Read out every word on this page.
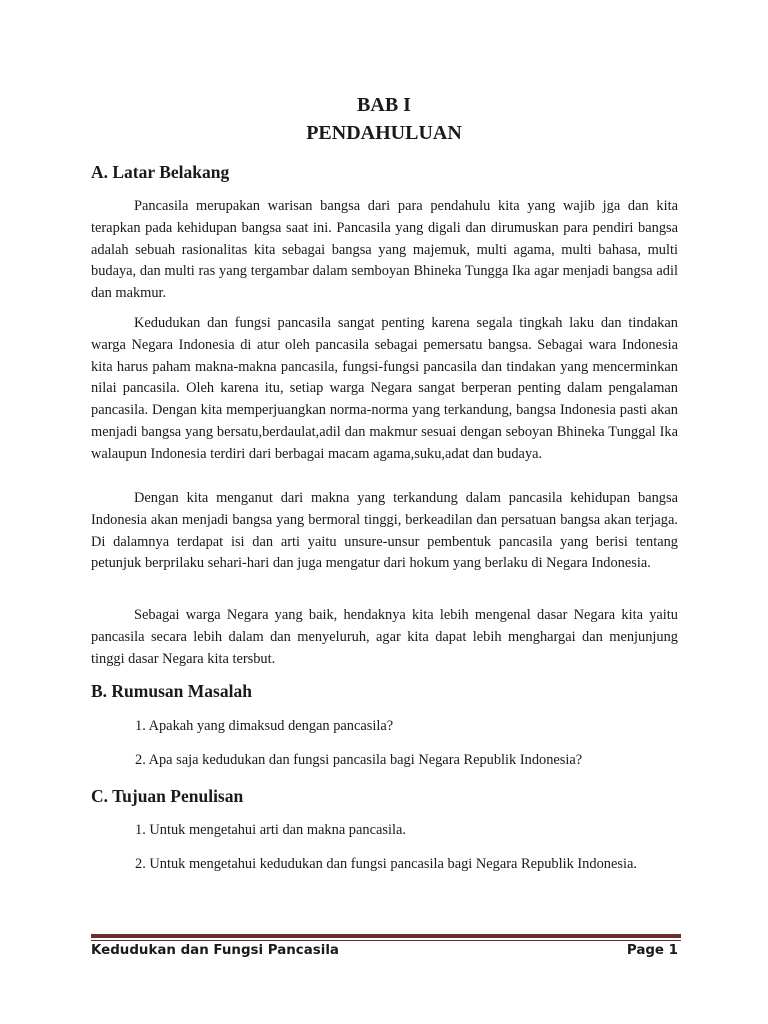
BAB I
PENDAHULUAN
A. Latar Belakang

Pancasila merupakan warisan bangsa dari para pendahulu kita yang wajib jga dan kita terapkan pada kehidupan bangsa saat ini. Pancasila yang digali dan dirumuskan para pendiri bangsa adalah sebuah rasionalitas kita sebagai bangsa yang majemuk, multi agama, multi bahasa, multi budaya, dan multi ras yang tergambar dalam semboyan Bhineka Tungga Ika agar menjadi bangsa adil dan makmur.

Kedudukan dan fungsi pancasila sangat penting karena segala tingkah laku dan tindakan warga Negara Indonesia di atur oleh pancasila sebagai pemersatu bangsa. Sebagai wara Indonesia kita harus paham makna-makna pancasila, fungsi-fungsi pancasila dan tindakan yang mencerminkan nilai pancasila. Oleh karena itu, setiap warga Negara sangat berperan penting dalam pengalaman pancasila. Dengan kita memperjuangkan norma-norma yang terkandung, bangsa Indonesia pasti akan menjadi bangsa yang bersatu,berdaulat,adil dan makmur sesuai dengan seboyan Bhineka Tunggal Ika walaupun Indonesia terdiri dari berbagai macam agama,suku,adat dan budaya.

Dengan kita menganut dari makna yang terkandung dalam pancasila kehidupan bangsa Indonesia akan menjadi bangsa yang bermoral tinggi, berkeadilan dan persatuan bangsa akan terjaga. Di dalamnya terdapat isi dan arti yaitu unsure-unsur pembentuk pancasila yang berisi tentang petunjuk berprilaku sehari-hari dan juga mengatur dari hokum yang berlaku di Negara Indonesia.

Sebagai warga Negara yang baik, hendaknya kita lebih mengenal dasar Negara kita yaitu pancasila secara lebih dalam dan menyeluruh, agar kita dapat lebih menghargai dan menjunjung tinggi dasar Negara kita tersbut.

B. Rumusan Masalah
1. Apakah yang dimaksud dengan pancasila?
2. Apa saja kedudukan dan fungsi pancasila bagi Negara Republik Indonesia?
C. Tujuan Penulisan
1. Untuk mengetahui arti dan makna pancasila.
2. Untuk mengetahui kedudukan dan fungsi pancasila bagi Negara Republik Indonesia.
Kedudukan dan Fungsi Pancasila	Page 1
